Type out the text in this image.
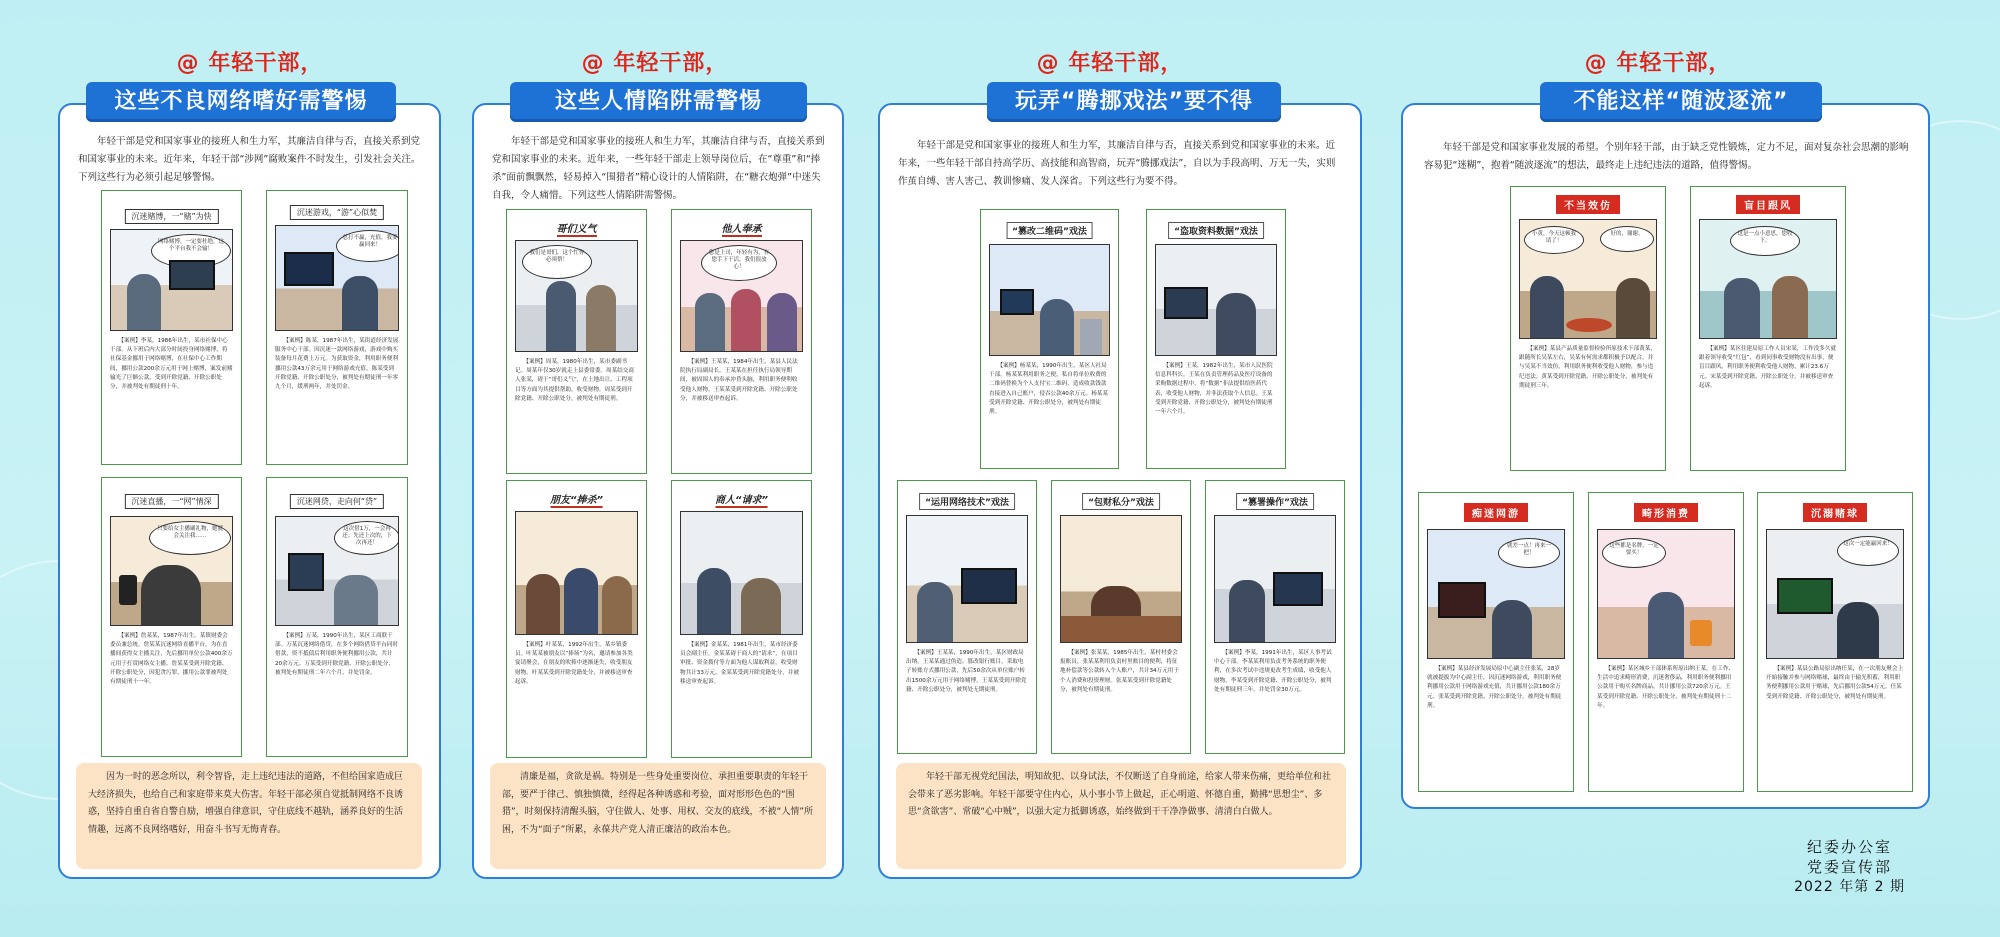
@ 年轻干部，
这些不良网络嗜好需警惕
年轻干部是党和国家事业的接班人和生力军，其廉洁自律与否，直接关系到党和国家事业的未来。近年来，年轻干部“涉网”腐败案件不时发生，引发社会关注。下列这些行为必须引起足够警惕。
沉迷赌博，一“赌”为快
网络赌博，一定要杜绝，这个平台我不会输！
【案例】李某，1986年出生，某市社保中心干部。从下班后内大部分时间投身网络赌博，将社保基金挪用于网络赌博，在社保中心工作期间，挪用公款200余万元用于网上赌博，案发前赌输光了巨额公款，受到开除党籍、开除公职处分，并被判处有期徒刑十年。
沉迷游戏，“游”心似焚
总打不赢，充值，我要赢回来！
【案例】陈某，1987年出生，某街道经济发展服务中心干部。因沉迷一款网络游戏，游戏中购买装备每月花费上万元。为获取资金，利用职务便利挪用公款43万余元用于网络游戏充值。陈某受到开除党籍、开除公职处分，被判处有期徒刑一年零九个月，缓刑两年，并处罚金。
沉迷直播，一“网”情深
只要给女主播刷礼物，她就会关注我……
【案例】詹某某，1987年出生，某镇财委会委员兼总统。詹某某沉迷网络直播平台，为在直播间获得女主播关注，先后挪用单位公款400余万元用于打赏网络女主播。詹某某受到开除党籍、开除公职处分，因犯贪污罪、挪用公款罪被判处有期徒刑十一年。
沉迷网贷，走向何“贷”
这次借1万，一会再还；先还上次的，下次再还！
【案例】万某，1990年出生，某区工商联干部。万某沉迷网络借贷，在多个网络借贷平台同时借款，资不抵债后利用职务便利挪用公款，共计20余万元。万某受到开除党籍、开除公职处分，被判处有期徒刑二年六个月，并处罚金。
因为一时的恶念所以，利令智昏，走上违纪违法的道路，不但给国家造成巨大经济损失，也给自己和家庭带来莫大伤害。年轻干部必须自觉抵制网络不良诱惑，坚持自重自省自警自励，增强自律意识，守住底线不越轨，涵养良好的生活情趣，远离不良网络嗜好，用奋斗书写无悔青春。
@ 年轻干部，
这些人情陷阱需警惕
年轻干部是党和国家事业的接班人和生力军，其廉洁自律与否，直接关系到党和国家事业的未来。近年来，一些年轻干部走上领导岗位后，在“尊重”和“捧杀”面前飘飘然，轻易掉入“围猎者”精心设计的人情陷阱，在“糖衣炮弹”中迷失自我，令人痛惜。下列这些人情陷阱需警惕。
哥们义气
我们是哥们，这个忙你必须帮！
【案例】周某，1980年出生，某市委副书记。周某年仅30岁就走上县委常委。周某结交商人张某，碍于“哥们义气”，在土地出让、工程项目等方面为其提供帮助，收受财物。周某受到开除党籍、开除公职处分，被判处有期徒刑。
他人奉承
您是上司，年轻有为，在您手下干活，我们很放心！
【案例】王某某，1984年出生，某县人民法院执行局副局长。王某某在担任执行局领导期间，被周围人的奉承冲昏头脑，利用职务便利收受他人财物。王某某受到开除党籍、开除公职处分，并被移送审查起诉。
朋友“捧杀”
【案例】叶某某，1992年出生，某乡镇委员。叶某某被朋友以“捧场”为名，邀请参加各类宴请聚会，在朋友的吹捧中逐渐迷失，收受朋友财物。叶某某受到开除党籍处分，并被移送审查起诉。
商人“请求”
【案例】金某某，1981年出生，某市经济委员会副主任。金某某碍于商人的“请求”，在项目审批、资金拨付等方面为他人谋取利益，收受财物共计33万元。金某某受到开除党籍处分，并被移送审查起诉。
清廉是福，贪欲是祸。特别是一些身处重要岗位、承担重要职责的年轻干部，要严于律己、慎独慎微，经得起各种诱惑和考验，面对形形色色的“围猎”，时刻保持清醒头脑，守住做人、处事、用权、交友的底线，不被“人情”所困，不为“面子”所累，永葆共产党人清正廉洁的政治本色。
@ 年轻干部，
玩弄“腾挪戏法”要不得
年轻干部是党和国家事业的接班人和生力军，其廉洁自律与否，直接关系到党和国家事业的未来。近年来，一些年轻干部自持高学历、高技能和高智商，玩弄“腾挪戏法”，自以为手段高明、万无一失，实则作茧自缚、害人害己、教训惨痛、发人深省。下列这些行为要不得。
“篡改二维码”戏法
【案例】杨某某，1990年出生，某区人社局干部。杨某某利用职务之便，私自将单位收费的二维码替换为个人支付宝二维码，造成收款钱款直接进入自己账户，侵吞公款40余万元。杨某某受到开除党籍、开除公职处分，被判处有期徒刑。
“盗取资料数据”戏法
【案例】王某，1982年出生，某市人民医院信息科科长。王某在负责管理药品及医疗设备的采购数据过程中，将“数据”非法提供给医药代表，收受他人财物，并非法获取个人信息。王某受到开除党籍、开除公职处分，被判处有期徒刑一年六个月。
“运用网络技术”戏法
【案例】王某某，1990年出生，某区财政局出纳。王某某通过伪造、篡改银行账目，采取电子转账方式挪用公款，先后50余次从单位账户转出1500余万元用于网络赌博。王某某受到开除党籍、开除公职处分，被判处无期徒刑。
“包财私分”戏法
【案例】张某某，1985年出生，某村村委会报账员。张某某利用负责村里账目的便利，将征地补偿款等公款转入个人账户，共计34万元用于个人消费和投资理财。张某某受到开除党籍处分，被判处有期徒刑。
“篡署操作”戏法
【案例】李某，1991年出生，某区人事考试中心干部。李某某利用负责考务系统的职务便利，在多次考试中违规更改考生成绩，收受他人财物。李某受到开除党籍、开除公职处分，被判处有期徒刑三年，并处罚金30万元。
年轻干部无视党纪国法，明知故犯、以身试法，不仅断送了自身前途，给家人带来伤痛，更给单位和社会带来了恶劣影响。年轻干部要守住内心，从小事小节上做起，正心明道、怀德自重，勤拂“思想尘”、多思“贪欲害”、常破“心中贼”，以强大定力抵御诱惑，始终做到干干净净做事、清清白白做人。
@ 年轻干部，
不能这样“随波逐流”
年轻干部是党和国家事业发展的希望。个别年轻干部，由于缺乏党性锻炼，定力不足，面对复杂社会思潮的影响容易犯“迷糊”，抱着“随波逐流”的想法，最终走上违纪违法的道路，值得警惕。
不当效仿
小黄，今天这顿我请了！
好的，谢谢。
【案例】某县产品质量监督检验所原技术干部黄某，跟随所长吴某左右，吴某有何需求都积极予以配合，并与吴某不当效仿，利用职务便利收受他人财物，参与违纪违法。黄某受到开除党籍、开除公职处分，被判处有期徒刑三年。
盲目跟风
这是一点小意思，您收下。
【案例】某区住建局原工作人员宋某，工作没多久就跟着领导收受“红包”，看到同事收受财物没有出事，便盲目跟风，利用职务便利收受他人财物，累计23.6万元。宋某受到开除党籍、开除公职处分，并被移送审查起诉。
痴迷网游
就差一点！再来一把！
【案例】某县经济发展局原中心副主任张某，28岁就被提拔为中心副主任，因沉迷网络游戏，利用职务便利挪用公款用于网络游戏充值，共计挪用公款180余万元。张某受到开除党籍、开除公职处分，被判处有期徒刑。
畸形消费
这些都是名牌，一定要买！
【案例】某区城乡干部体系所原出纳王某，在工作、生活中追求畸形消费，沉迷奢侈品，利用职务便利挪用公款用于购买名牌商品，共计挪用公款720余万元。王某受到开除党籍、开除公职处分，被判处有期徒刑十二年。
沉溺赌球
这次一定能赢回来！
【案例】某县公路局原出纳任某，在一次朋友聚会上开始接触并参与网络赌球，最终由于输光积蓄，利用职务便利挪用公款用于赌球，先后挪用公款54万元。任某受到开除党籍、开除公职处分，被判处有期徒刑。
纪委办公室
党委宣传部
2022 年第 2 期
